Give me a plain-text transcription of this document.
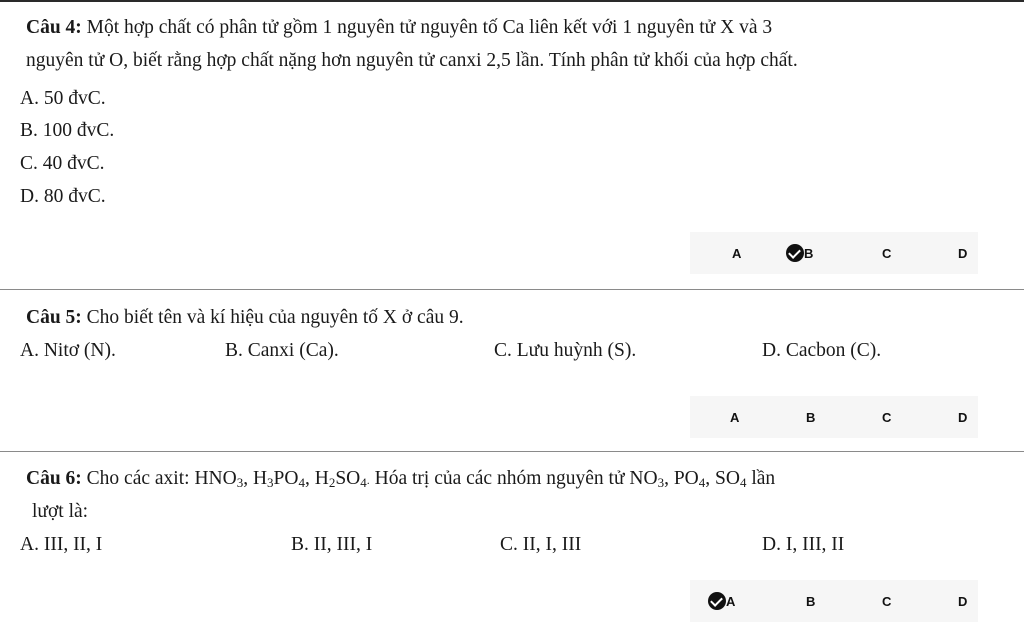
Câu 4: Một hợp chất có phân tử gồm 1 nguyên tử nguyên tố Ca liên kết với 1 nguyên tử X và 3
nguyên tử O, biết rằng hợp chất nặng hơn nguyên tử canxi 2,5 lần. Tính phân tử khối của hợp chất.
A. 50 đvC.
B. 100 đvC.
C. 40 đvC.
D. 80 đvC.
A	B	C	D
Câu 5: Cho biết tên và kí hiệu của nguyên tố X ở câu 9.
A. Nitơ (N).	B. Canxi (Ca).	C. Lưu huỳnh (S).	D. Cacbon (C).
A	B	C	D
Câu 6: Cho các axit: $HNO_3$, $H_3PO_4$, $H_2SO_4$. Hóa trị của các nhóm nguyên tử $NO_3$, $PO_4$, $SO_4$ lần
lượt là:
A. III, II, I	B. II, III, I	C. II, I, III	D. I, III, II
A	B	C	D
